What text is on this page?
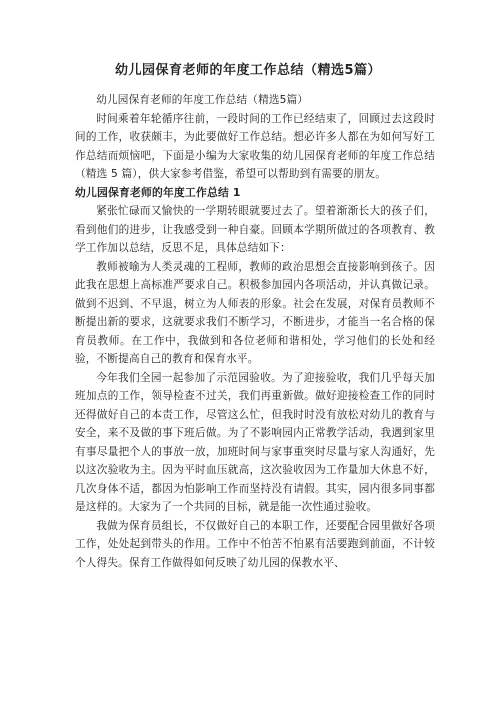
幼儿园保育老师的年度工作总结（精选5篇）

幼儿园保育老师的年度工作总结（精选5篇）

时间乘着年轮循序往前，一段时间的工作已经结束了，回顾过去这段时间的工作，收获颇丰，为此要做好工作总结。想必许多人都在为如何写好工作总结而烦恼吧，下面是小编为大家收集的幼儿园保育老师的年度工作总结（精选 5 篇），供大家参考借鉴，希望可以帮助到有需要的朋友。

幼儿园保育老师的年度工作总结 1

紧张忙碌而又愉快的一学期转眼就要过去了。望着渐渐长大的孩子们，看到他们的进步，让我感受到一种自豪。回顾本学期所做过的各项教育、教学工作加以总结，反思不足，具体总结如下：

教师被喻为人类灵魂的工程师，教师的政治思想会直接影响到孩子。因此我在思想上高标准严要求自己。积极参加园内各项活动，并认真做记录。做到不迟到、不早退，树立为人师表的形象。社会在发展，对保育员教师不断提出新的要求，这就要求我们不断学习，不断进步，才能当一名合格的保育员教师。在工作中，我做到和各位老师和谐相处，学习他们的长处和经验，不断提高自己的教育和保育水平。

今年我们全园一起参加了示范园验收。为了迎接验收，我们几乎每天加班加点的工作，领导检查不过关，我们再重新做。做好迎接检查工作的同时还得做好自己的本责工作，尽管这么忙，但我时时没有放松对幼儿的教育与安全，来不及做的事下班后做。为了不影响园内正常教学活动，我遇到家里有事尽量把个人的事放一放，加班时间与家事重突时尽量与家人沟通好，先以这次验收为主。因为平时血压就高，这次验收因为工作量加大休息不好，几次身体不适，都因为怕影响工作而坚持没有请假。其实，园内很多同事都是这样的。大家为了一个共同的目标，就是能一次性通过验收。

我做为保育员组长，不仅做好自己的本职工作，还要配合园里做好各项工作，处处起到带头的作用。工作中不怕苦不怕累有活要跑到前面，不计较个人得失。保育工作做得如何反映了幼儿园的保教水平、
